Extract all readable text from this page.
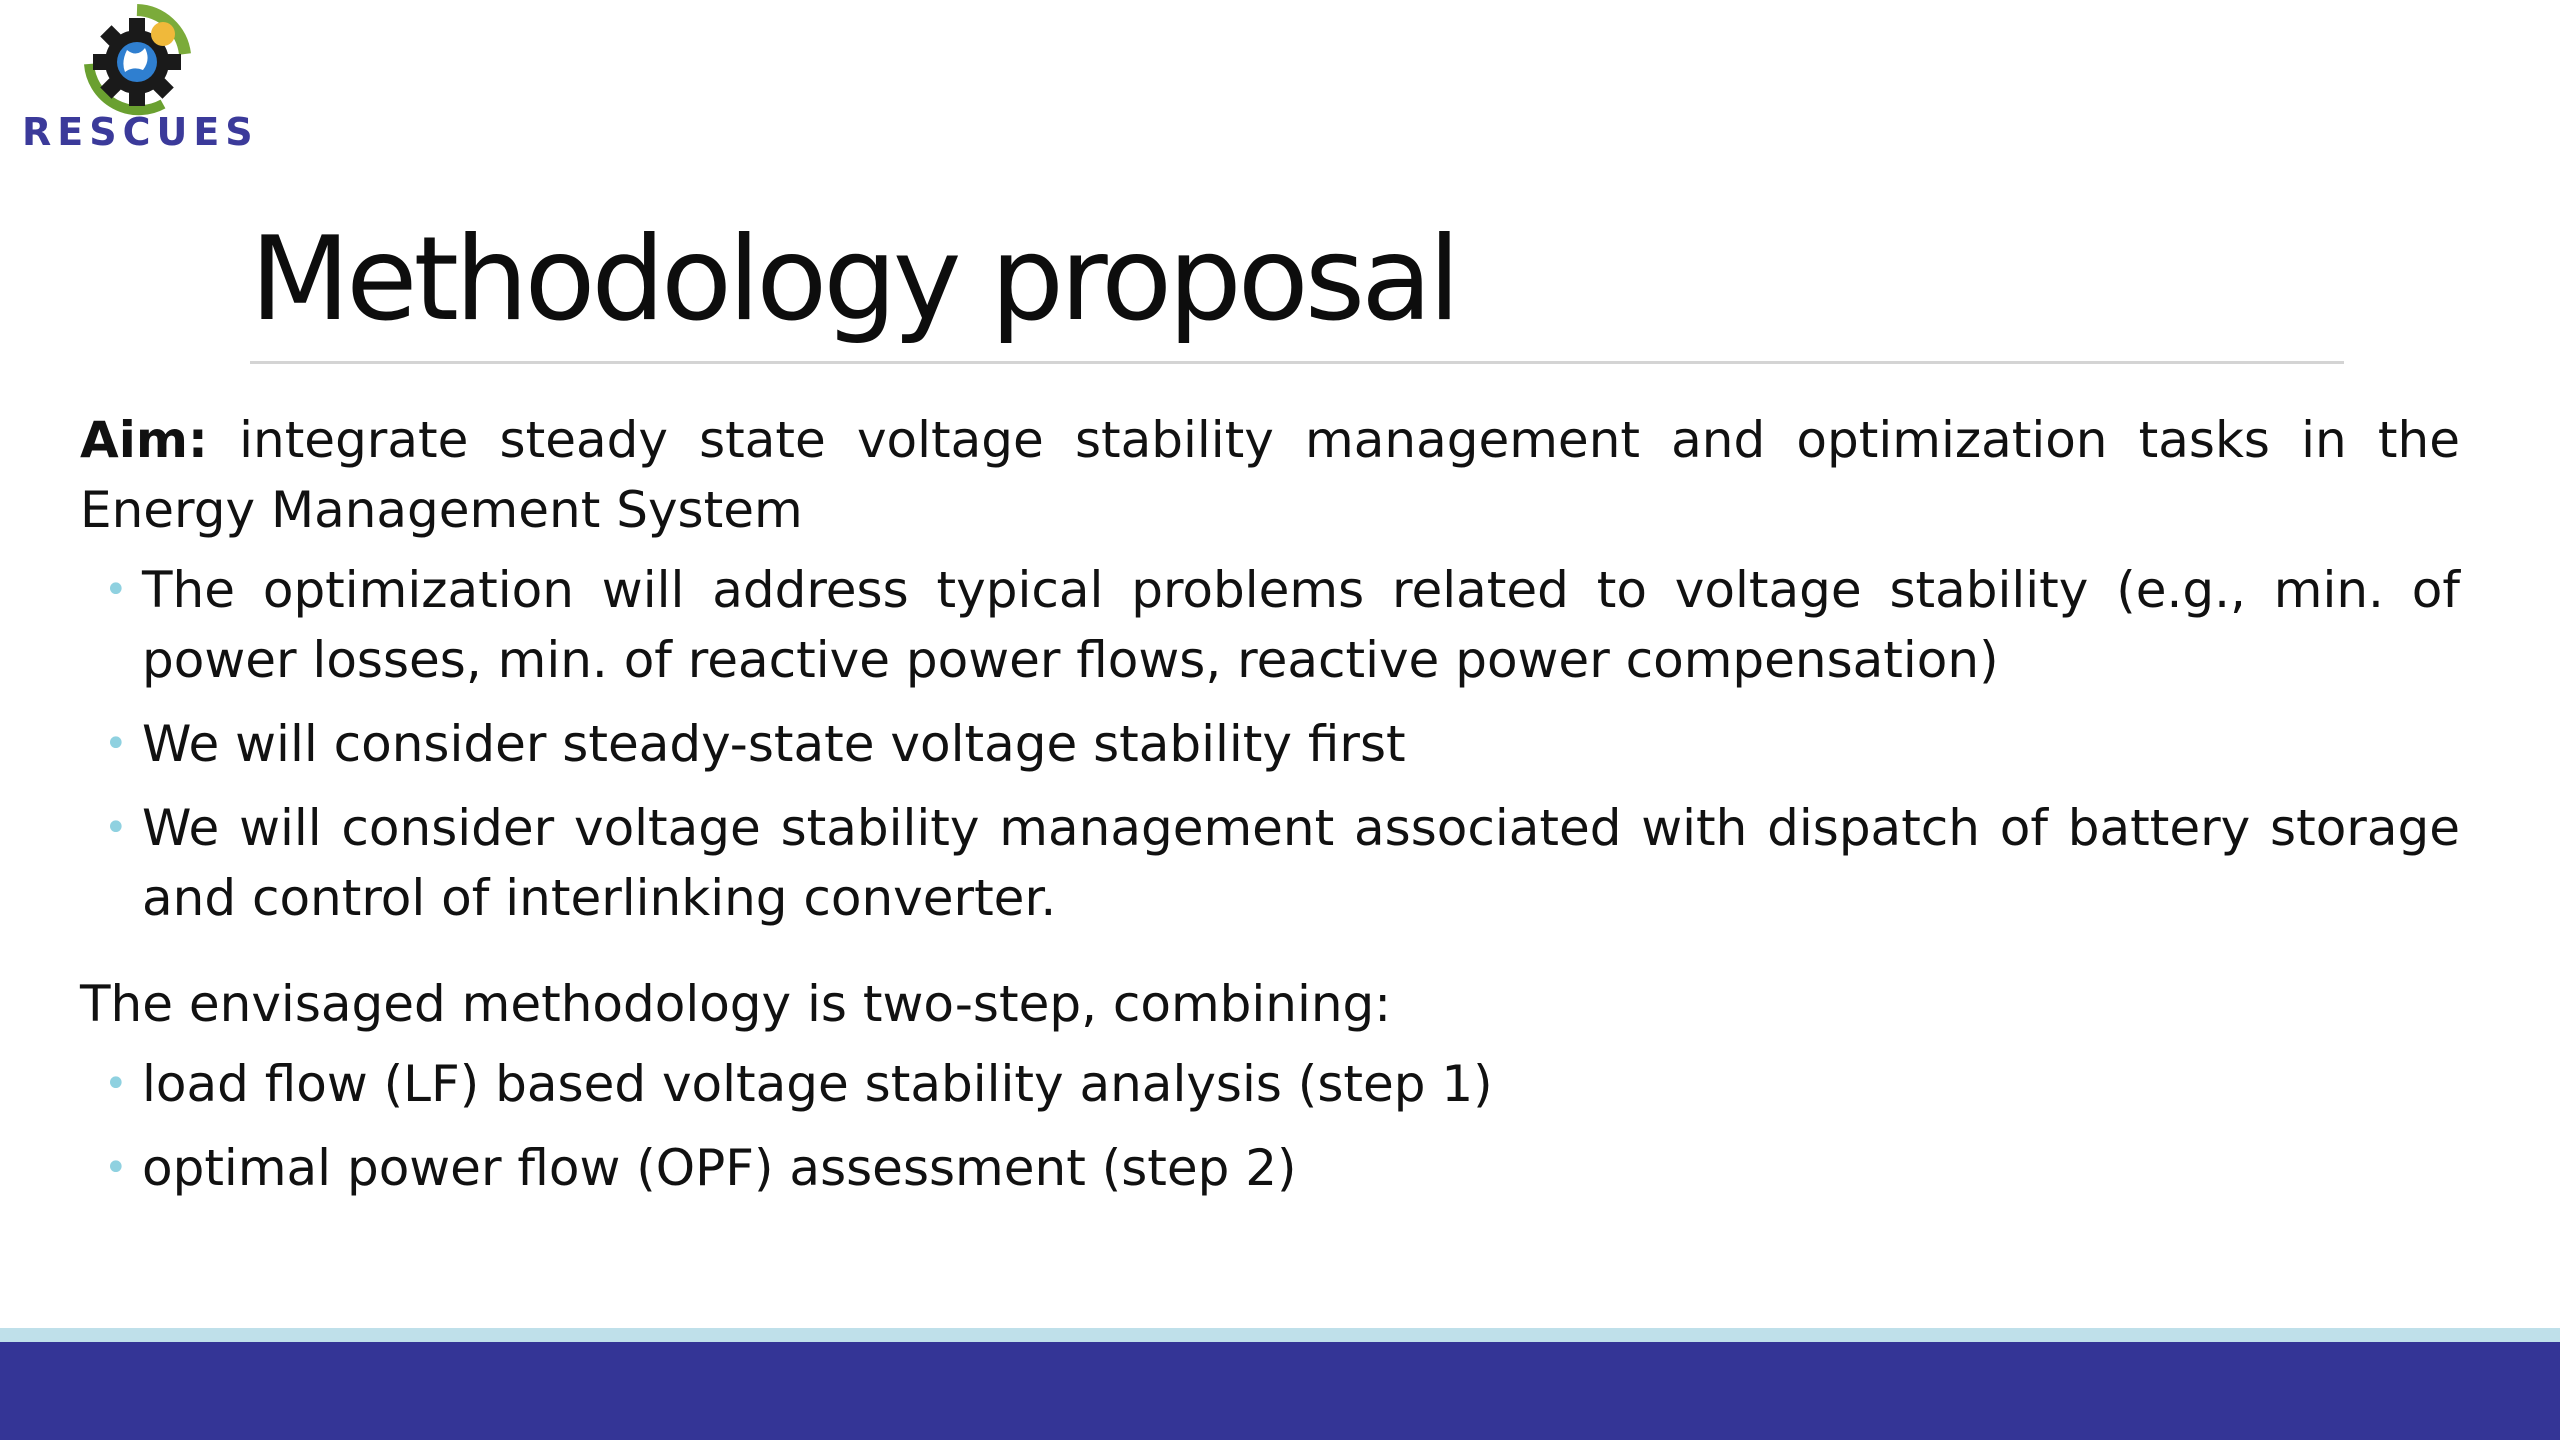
RESCUES
Methodology proposal

Aim: integrate steady state voltage stability management and optimization tasks in the Energy Management System

• The optimization will address typical problems related to voltage stability (e.g., min. of power losses, min. of reactive power flows, reactive power compensation)
• We will consider steady-state voltage stability first
• We will consider voltage stability management associated with dispatch of battery storage and control of interlinking converter.

The envisaged methodology is two-step, combining:

• load flow (LF) based voltage stability analysis (step 1)
• optimal power flow (OPF) assessment (step 2)
